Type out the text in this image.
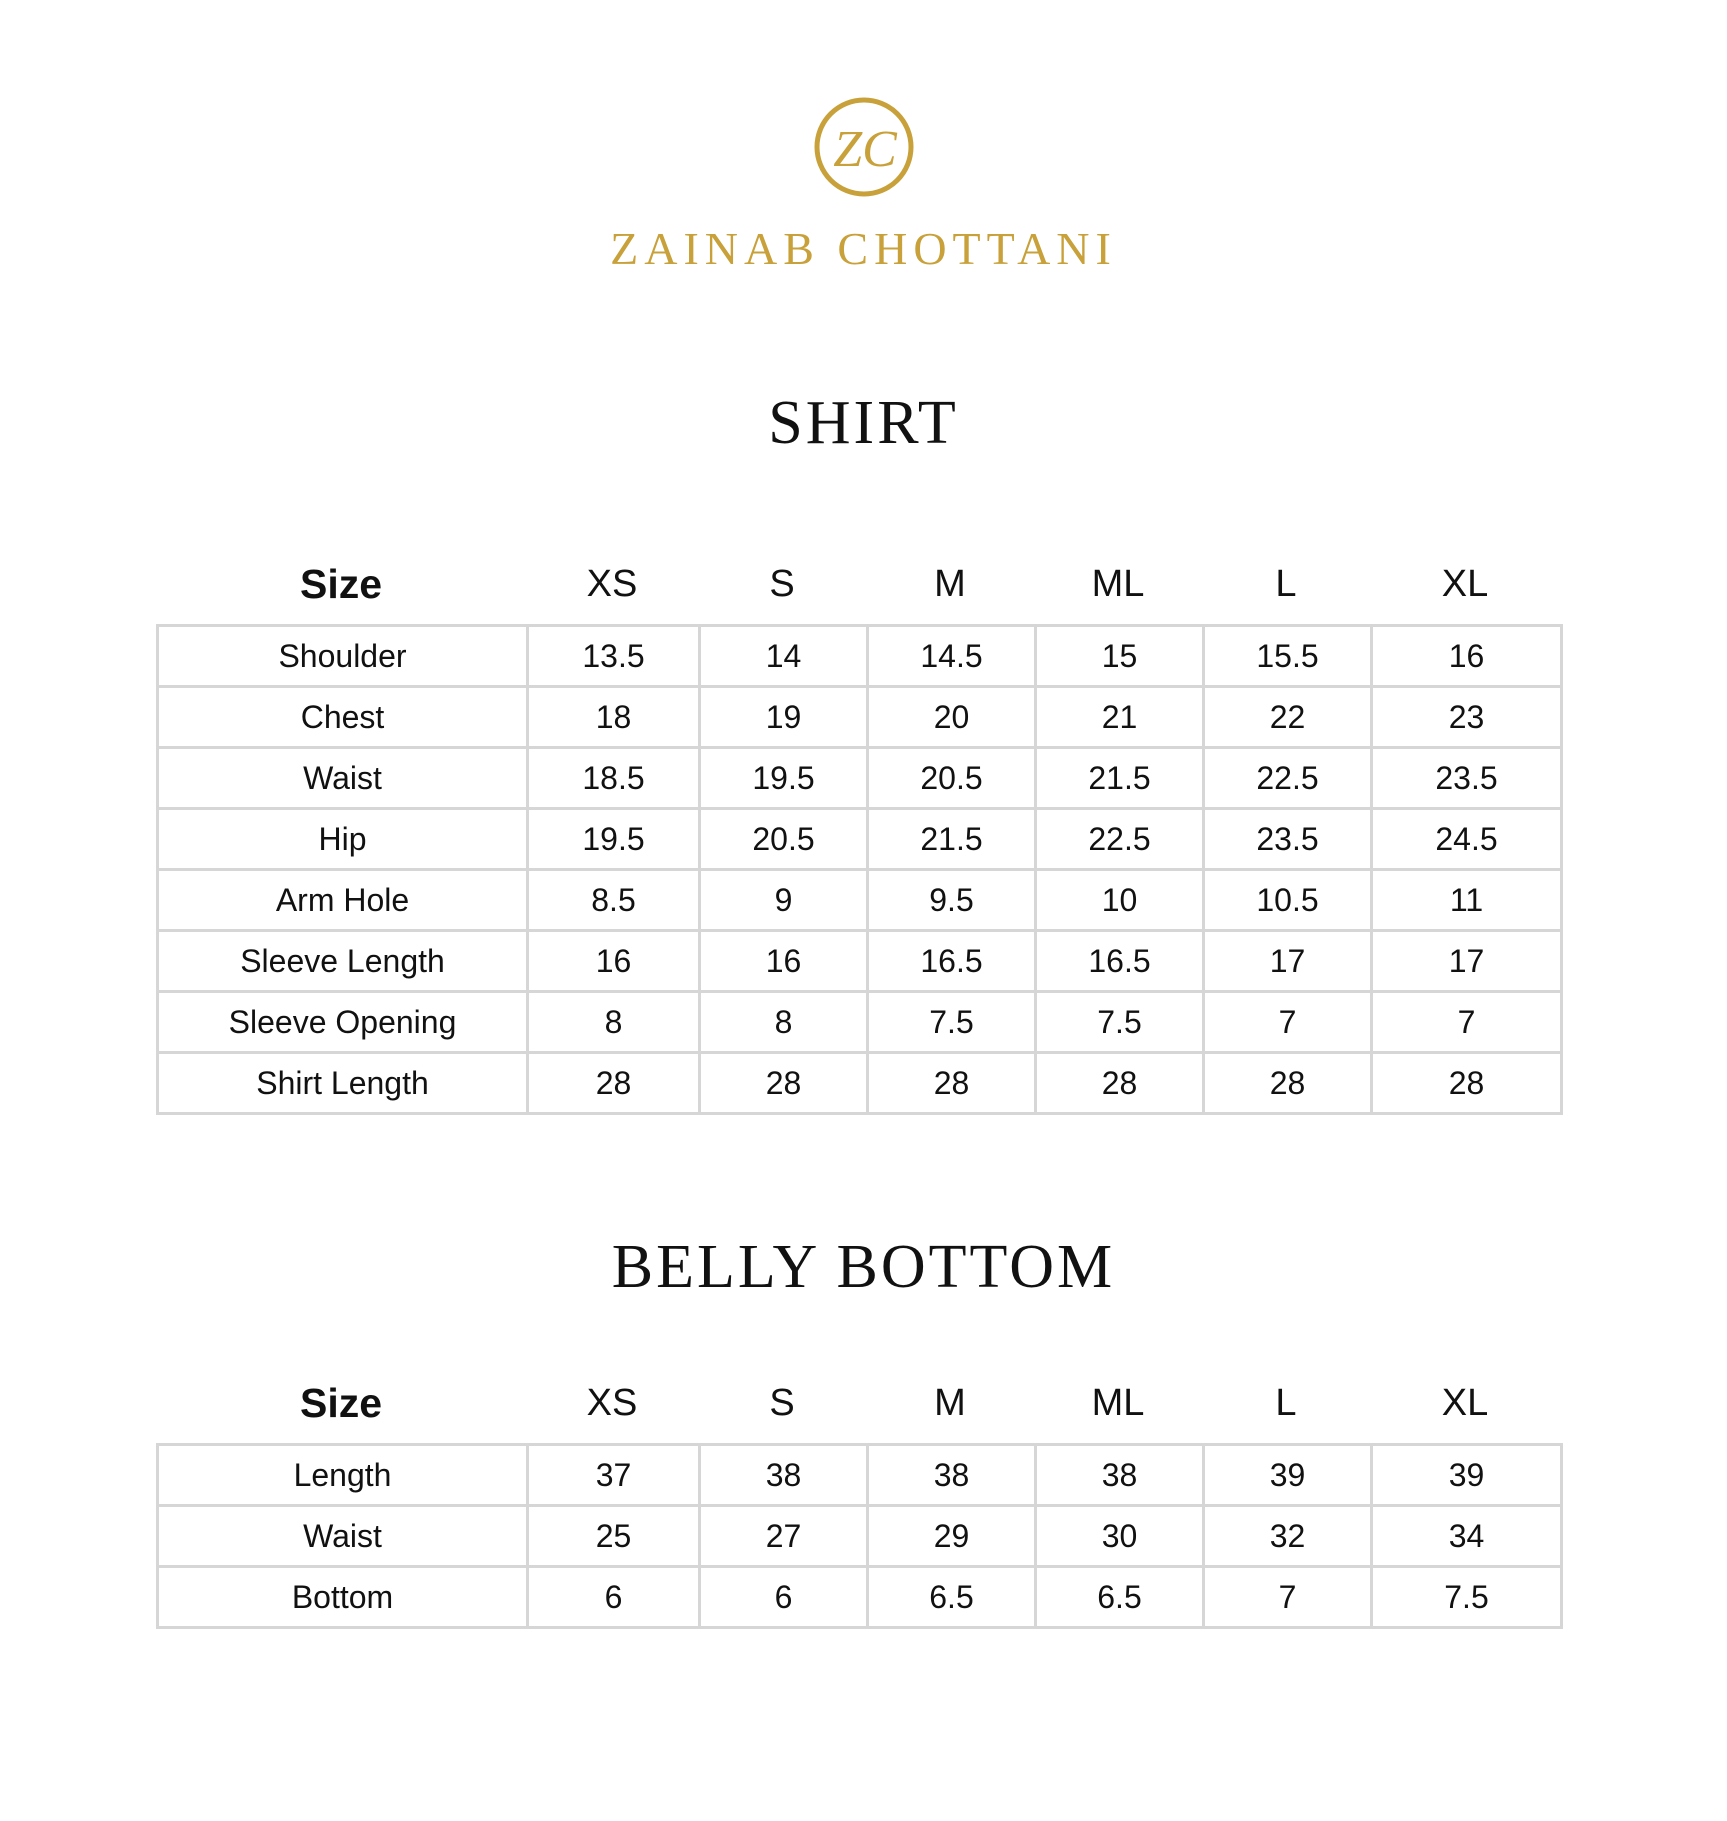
ZC
ZAINAB CHOTTANI
SHIRT
Size	XS	S	M	ML	L	XL
Shoulder	13.5	14	14.5	15	15.5	16
Chest	18	19	20	21	22	23
Waist	18.5	19.5	20.5	21.5	22.5	23.5
Hip	19.5	20.5	21.5	22.5	23.5	24.5
Arm Hole	8.5	9	9.5	10	10.5	11
Sleeve Length	16	16	16.5	16.5	17	17
Sleeve Opening	8	8	7.5	7.5	7	7
Shirt Length	28	28	28	28	28	28
BELLY BOTTOM
Size	XS	S	M	ML	L	XL
Length	37	38	38	38	39	39
Waist	25	27	29	30	32	34
Bottom	6	6	6.5	6.5	7	7.5
